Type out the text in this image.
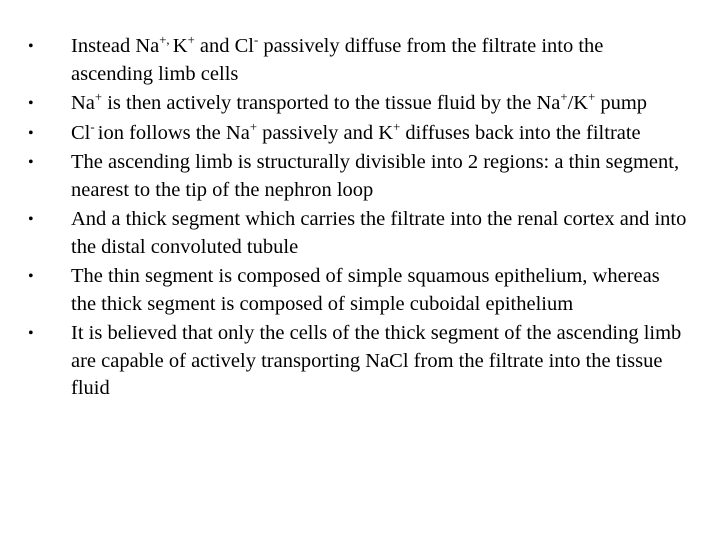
•	Instead Na+, K+ and Cl- passively diffuse from the filtrate into the ascending limb cells
•	Na+ is then actively transported to the tissue fluid by the Na+/K+ pump
•	Cl- ion follows the Na+ passively and K+ diffuses back into the filtrate
•	The ascending limb is structurally divisible into 2 regions: a thin segment, nearest to the tip of the nephron loop
•	And a thick segment which carries the filtrate into the renal cortex and into the distal convoluted tubule
•	The thin segment is composed of simple squamous epithelium, whereas the thick segment is composed of simple cuboidal epithelium
•	It is believed that only the cells of the thick segment of the ascending limb are capable of actively transporting NaCl from the filtrate into the tissue fluid
